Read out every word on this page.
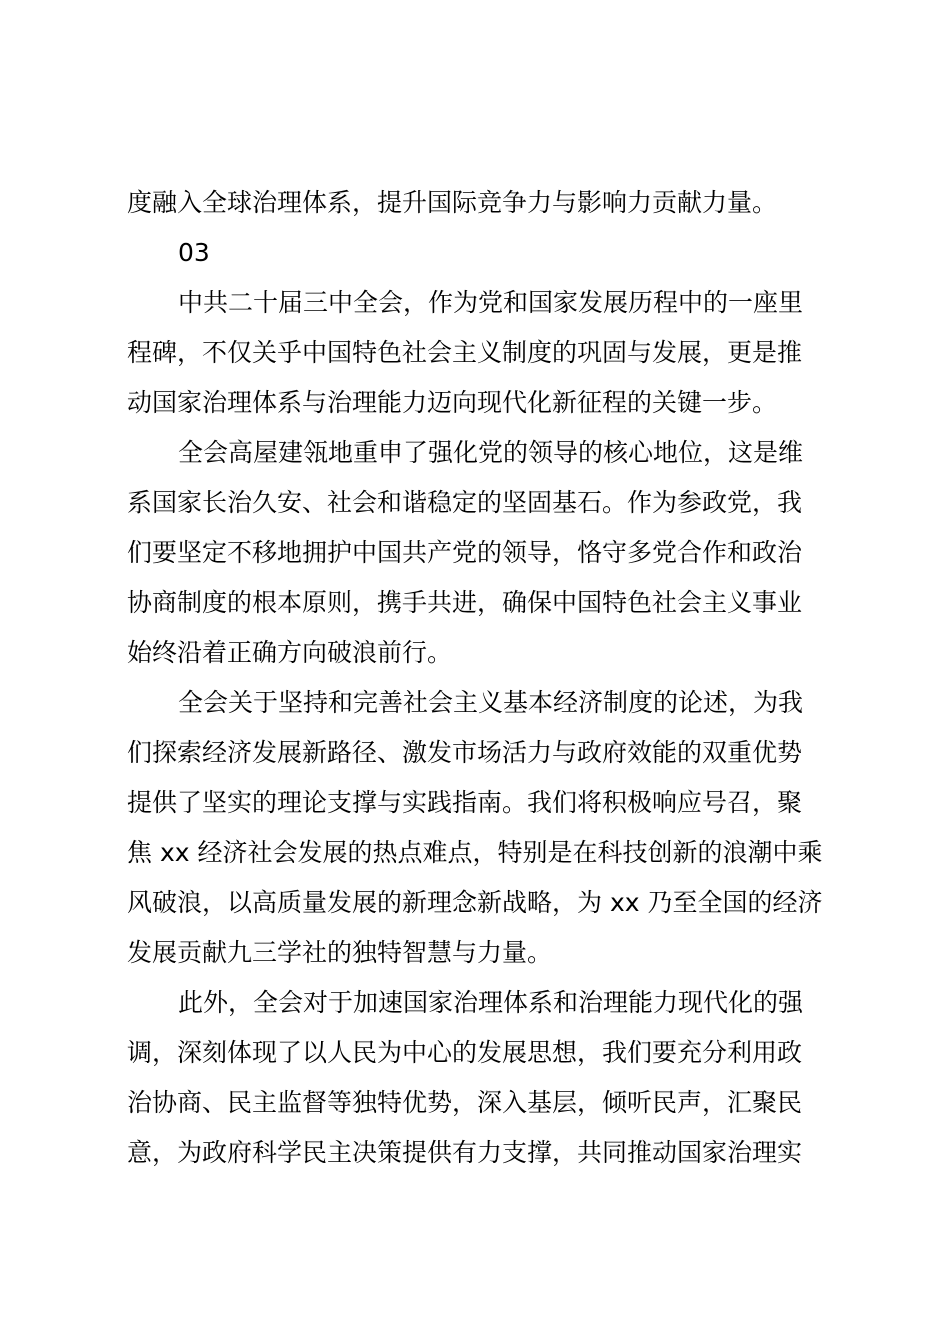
度融入全球治理体系，提升国际竞争力与影响力贡献力量。
03
中共二十届三中全会，作为党和国家发展历程中的一座里
程碑，不仅关乎中国特色社会主义制度的巩固与发展，更是推
动国家治理体系与治理能力迈向现代化新征程的关键一步。
全会高屋建瓴地重申了强化党的领导的核心地位，这是维
系国家长治久安、社会和谐稳定的坚固基石。作为参政党，我
们要坚定不移地拥护中国共产党的领导，恪守多党合作和政治
协商制度的根本原则，携手共进，确保中国特色社会主义事业
始终沿着正确方向破浪前行。
全会关于坚持和完善社会主义基本经济制度的论述，为我
们探索经济发展新路径、激发市场活力与政府效能的双重优势
提供了坚实的理论支撑与实践指南。我们将积极响应号召，聚
焦 xx 经济社会发展的热点难点，特别是在科技创新的浪潮中乘
风破浪，以高质量发展的新理念新战略，为 xx 乃至全国的经济
发展贡献九三学社的独特智慧与力量。
此外，全会对于加速国家治理体系和治理能力现代化的强
调，深刻体现了以人民为中心的发展思想，我们要充分利用政
治协商、民主监督等独特优势，深入基层，倾听民声，汇聚民
意，为政府科学民主决策提供有力支撑，共同推动国家治理实
